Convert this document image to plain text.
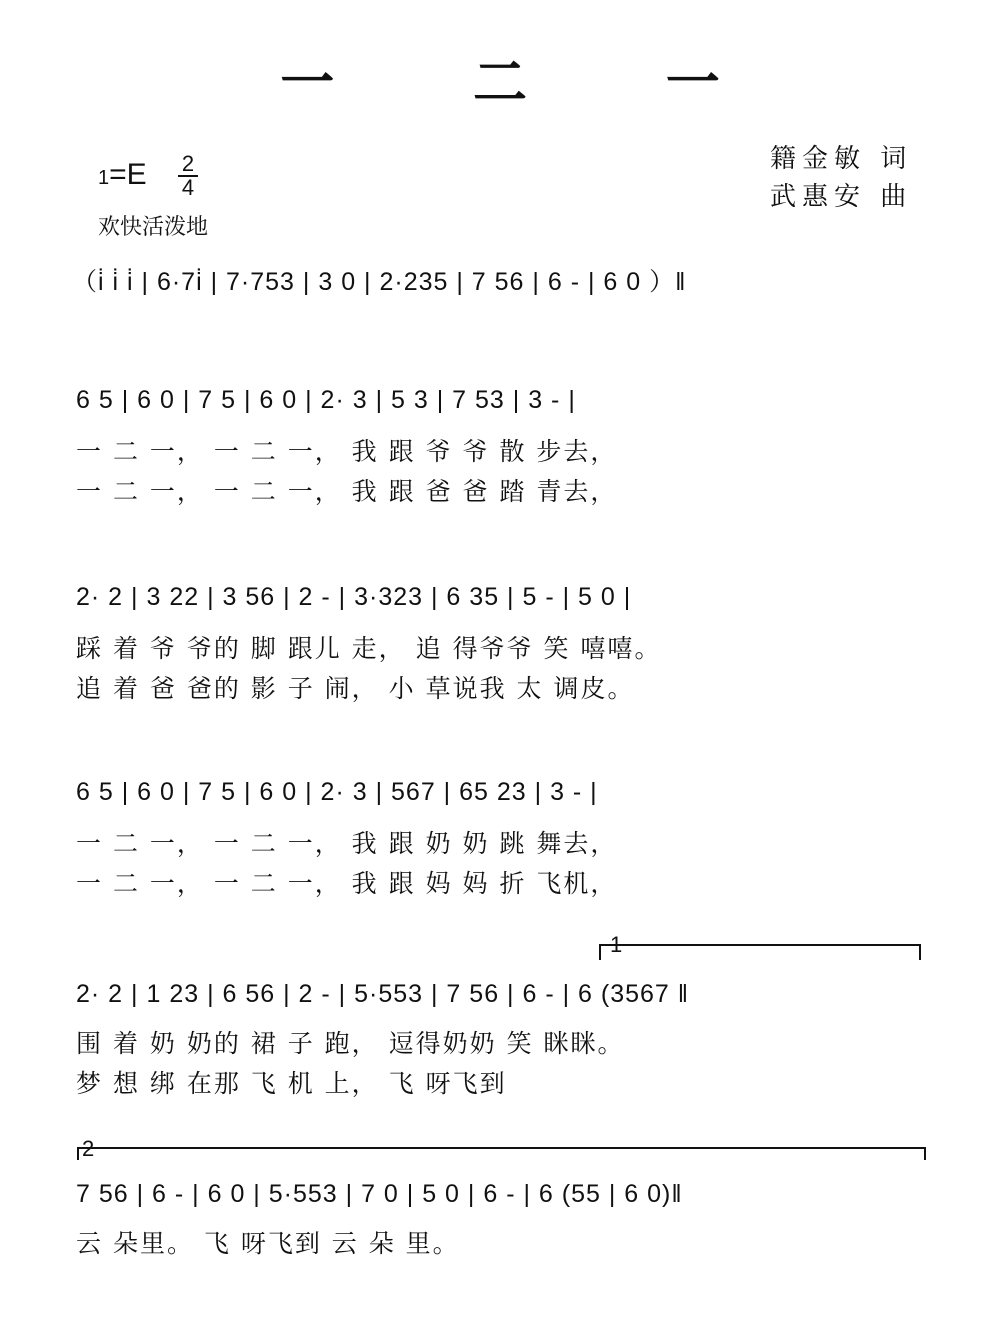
一 二 一
籍金敏 词
武惠安 曲
1=E 2
4
欢快活泼地
（i̇ i̇ i̇ | 6·7i̇ | 7·753 | 3 0 | 2·235 | 7 56 | 6 - | 6 0 ）‖
6 5 | 6 0 | 7 5 | 6 0 | 2· 3 | 5 3 | 7 53 | 3 - |
一 二 一， 一 二 一， 我 跟 爷 爷 散 步去，
一 二 一， 一 二 一， 我 跟 爸 爸 踏 青去，
2· 2 | 3 22 | 3 56 | 2 - | 3·323 | 6 35 | 5 - | 5 0 |
踩 着 爷 爷的 脚 跟儿 走， 追 得爷爷 笑 嘻嘻。
追 着 爸 爸的 影 子 闹， 小 草说我 太 调皮。
6 5 | 6 0 | 7 5 | 6 0 | 2· 3 | 567 | 65 23 | 3 - |
一 二 一， 一 二 一， 我 跟 奶 奶 跳 舞去，
一 二 一， 一 二 一， 我 跟 妈 妈 折 飞机，
1
2· 2 | 1 23 | 6 56 | 2 - | 5·553 | 7 56 | 6 - | 6 (3567 ‖
围 着 奶 奶的 裙 子 跑， 逗得奶奶 笑 眯眯。
梦 想 绑 在那 飞 机 上， 飞 呀飞到
2
7 56 | 6 - | 6 0 | 5·553 | 7 0 | 5 0 | 6 - | 6 (55 | 6 0)‖
云 朵里。 飞 呀飞到 云 朵 里。
